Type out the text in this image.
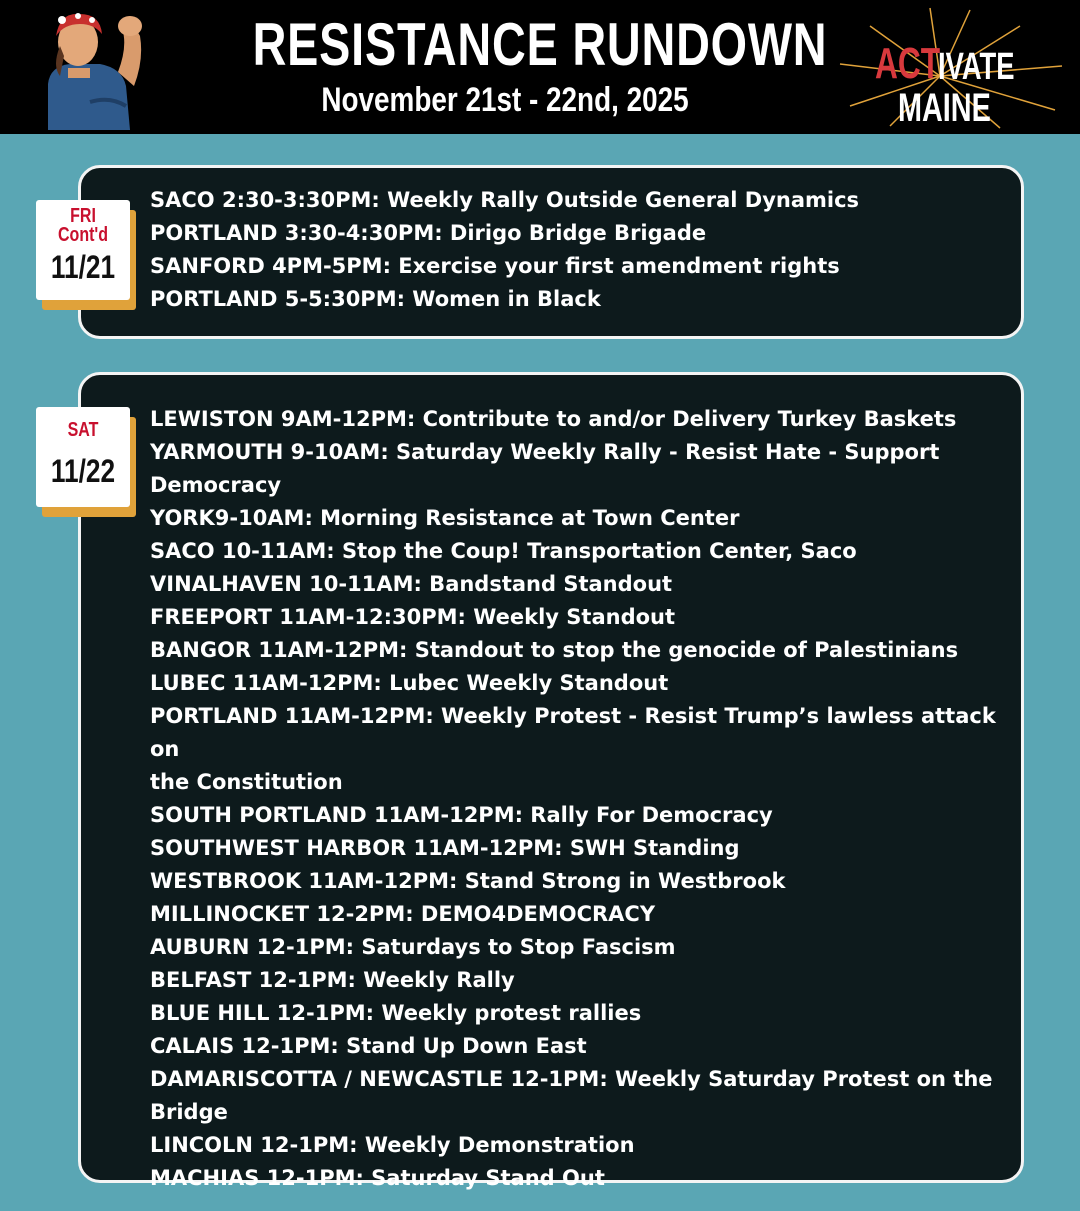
RESISTANCE RUNDOWN
November 21st - 22nd, 2025
ACT
IVATE
MAINE
FRI
Cont'd
11/21
SACO 2:30-3:30PM: Weekly Rally Outside General Dynamics
PORTLAND 3:30-4:30PM: Dirigo Bridge Brigade
SANFORD 4PM-5PM: Exercise your first amendment rights
PORTLAND 5-5:30PM: Women in Black
SAT
11/22
LEWISTON 9AM-12PM: Contribute to and/or Delivery Turkey Baskets
YARMOUTH 9-10AM: Saturday Weekly Rally - Resist Hate - Support
Democracy
YORK9-10AM: Morning Resistance at Town Center
SACO 10-11AM: Stop the Coup! Transportation Center, Saco
VINALHAVEN 10-11AM: Bandstand Standout
FREEPORT 11AM-12:30PM: Weekly Standout
BANGOR 11AM-12PM: Standout to stop the genocide of Palestinians
LUBEC 11AM-12PM: Lubec Weekly Standout
PORTLAND 11AM-12PM: Weekly Protest - Resist Trump’s lawless attack on
the Constitution
SOUTH PORTLAND 11AM-12PM: Rally For Democracy
SOUTHWEST HARBOR 11AM-12PM: SWH Standing
WESTBROOK 11AM-12PM: Stand Strong in Westbrook
MILLINOCKET 12-2PM: DEMO4DEMOCRACY
AUBURN 12-1PM: Saturdays to Stop Fascism
BELFAST 12-1PM: Weekly Rally
BLUE HILL 12-1PM: Weekly protest rallies
CALAIS 12-1PM: Stand Up Down East
DAMARISCOTTA / NEWCASTLE 12-1PM: Weekly Saturday Protest on the
Bridge
LINCOLN 12-1PM: Weekly Demonstration
MACHIAS 12-1PM: Saturday Stand Out
